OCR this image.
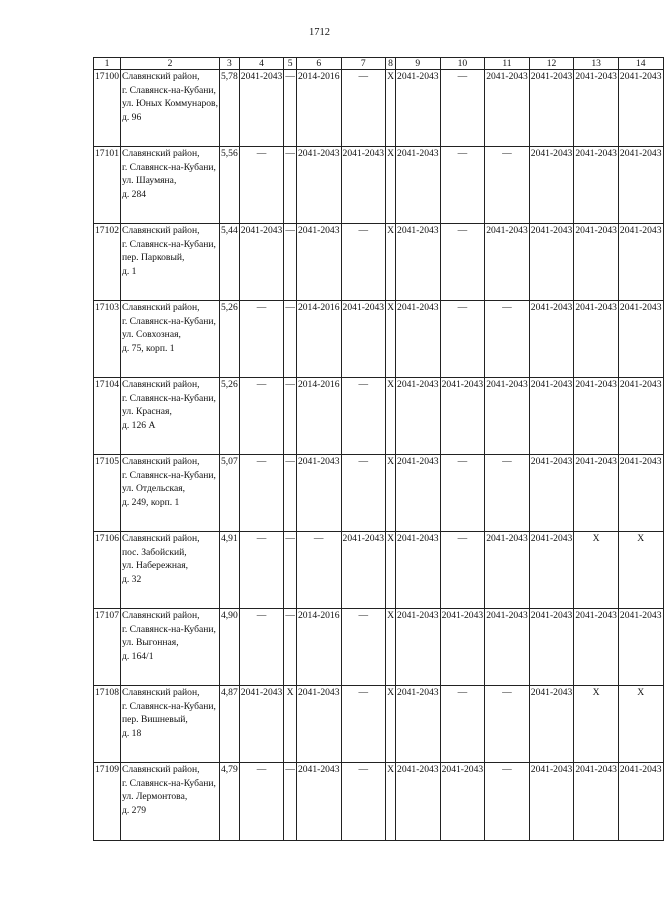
1712
1	2	3	4	5	6	7	8	9	10	11	12	13	14
17100	Славянский район,
г. Славянск-на-Кубани,
ул. Юных Коммунаров,
д. 96	5,78	2041-2043	—	2014-2016	—	Х	2041-2043	—	2041-2043	2041-2043	2041-2043	2041-2043
17101	Славянский район,
г. Славянск-на-Кубани,
ул. Шаумяна,
д. 284	5,56	—	—	2041-2043	2041-2043	Х	2041-2043	—	—	2041-2043	2041-2043	2041-2043
17102	Славянский район,
г. Славянск-на-Кубани,
пер. Парковый,
д. 1	5,44	2041-2043	—	2041-2043	—	Х	2041-2043	—	2041-2043	2041-2043	2041-2043	2041-2043
17103	Славянский район,
г. Славянск-на-Кубани,
ул. Совхозная,
д. 75, корп. 1	5,26	—	—	2014-2016	2041-2043	Х	2041-2043	—	—	2041-2043	2041-2043	2041-2043
17104	Славянский район,
г. Славянск-на-Кубани,
ул. Красная,
д. 126 А	5,26	—	—	2014-2016	—	Х	2041-2043	2041-2043	2041-2043	2041-2043	2041-2043	2041-2043
17105	Славянский район,
г. Славянск-на-Кубани,
ул. Отдельская,
д. 249, корп. 1	5,07	—	—	2041-2043	—	Х	2041-2043	—	—	2041-2043	2041-2043	2041-2043
17106	Славянский район,
пос. Забойский,
ул. Набережная,
д. 32	4,91	—	—	—	2041-2043	Х	2041-2043	—	2041-2043	2041-2043	Х	Х
17107	Славянский район,
г. Славянск-на-Кубани,
ул. Выгонная,
д. 164/1	4,90	—	—	2014-2016	—	Х	2041-2043	2041-2043	2041-2043	2041-2043	2041-2043	2041-2043
17108	Славянский район,
г. Славянск-на-Кубани,
пер. Вишневый,
д. 18	4,87	2041-2043	Х	2041-2043	—	Х	2041-2043	—	—	2041-2043	Х	Х
17109	Славянский район,
г. Славянск-на-Кубани,
ул. Лермонтова,
д. 279	4,79	—	—	2041-2043	—	Х	2041-2043	2041-2043	—	2041-2043	2041-2043	2041-2043
